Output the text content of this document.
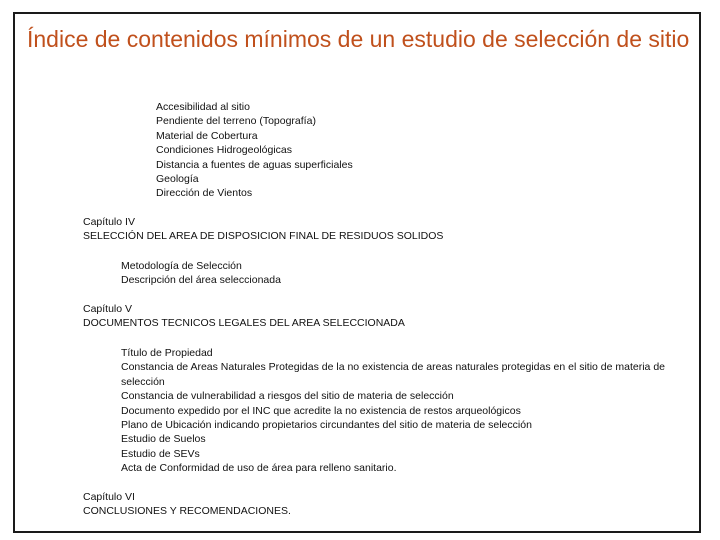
Índice de contenidos mínimos de un estudio de selección de sitio
Accesibilidad al sitio
Pendiente del terreno (Topografía)
Material de Cobertura
Condiciones Hidrogeológicas
Distancia a fuentes de aguas superficiales
Geología
Dirección de Vientos
Capítulo IV
SELECCIÓN DEL AREA DE DISPOSICION FINAL DE RESIDUOS SOLIDOS
Metodología de Selección
Descripción del área seleccionada
Capítulo V
DOCUMENTOS TECNICOS LEGALES DEL AREA SELECCIONADA
Título de Propiedad
Constancia de Areas Naturales Protegidas de la no existencia de areas naturales protegidas en el sitio de materia de selección
Constancia de vulnerabilidad a riesgos del sitio de materia de selección
Documento expedido por el INC que acredite la no existencia de restos arqueológicos
Plano de Ubicación indicando propietarios circundantes del sitio de materia de selección
Estudio de Suelos
Estudio de SEVs
Acta de Conformidad de uso de área para relleno sanitario.
Capítulo VI
CONCLUSIONES Y RECOMENDACIONES.
